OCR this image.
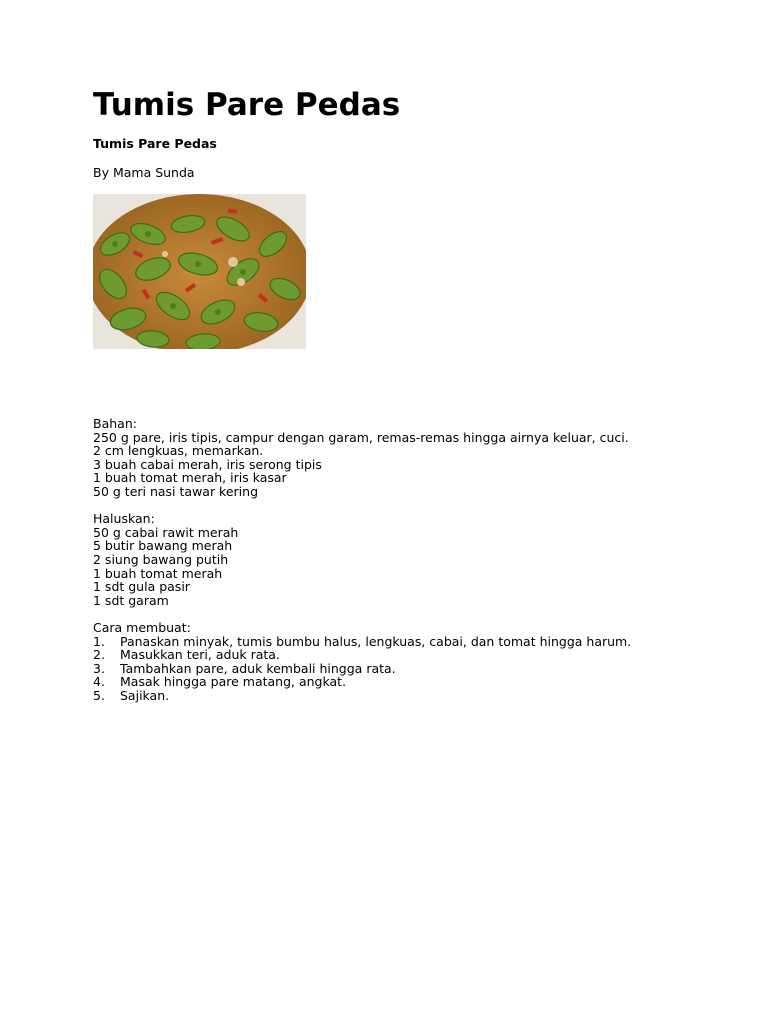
Tumis Pare Pedas
Tumis Pare Pedas
By Mama Sunda
Bahan:
250 g pare, iris tipis, campur dengan garam, remas-remas hingga airnya keluar, cuci.
2 cm lengkuas, memarkan.
3 buah cabai merah, iris serong tipis
1 buah tomat merah, iris kasar
50 g teri nasi tawar kering
Haluskan:
50 g cabai rawit merah
5 butir bawang merah
2 siung bawang putih
1 buah tomat merah
1 sdt gula pasir
1 sdt garam
Cara membuat:
1. Panaskan minyak, tumis bumbu halus, lengkuas, cabai, dan tomat hingga harum.
2. Masukkan teri, aduk rata.
3. Tambahkan pare, aduk kembali hingga rata.
4. Masak hingga pare matang, angkat.
5. Sajikan.
